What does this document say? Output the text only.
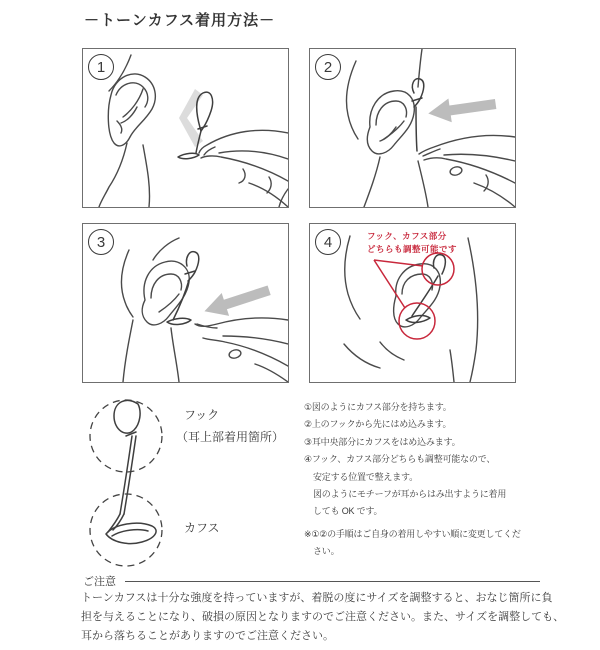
－トーンカフス着用方法－
1	2
3	4	フック、カフス部分
どちらも調整可能です
フック
（耳上部着用箇所）
カフス
①図のようにカフス部分を持ちます。
②上のフックから先にはめ込みます。
③耳中央部分にカフスをはめ込みます。
④フック、カフス部分どちらも調整可能なので、
安定する位置で整えます。
図のようにモチーフが耳からはみ出すように着用
しても OK です。
※①②の手順はご自身の着用しやすい順に変更してくだ
さい。
ご注意
トーンカフスは十分な強度を持っていますが、着脱の度にサイズを調整すると、おなじ箇所に負
担を与えることになり、破損の原因となりますのでご注意ください。また、サイズを調整しても、
耳から落ちることがありますのでご注意ください。
